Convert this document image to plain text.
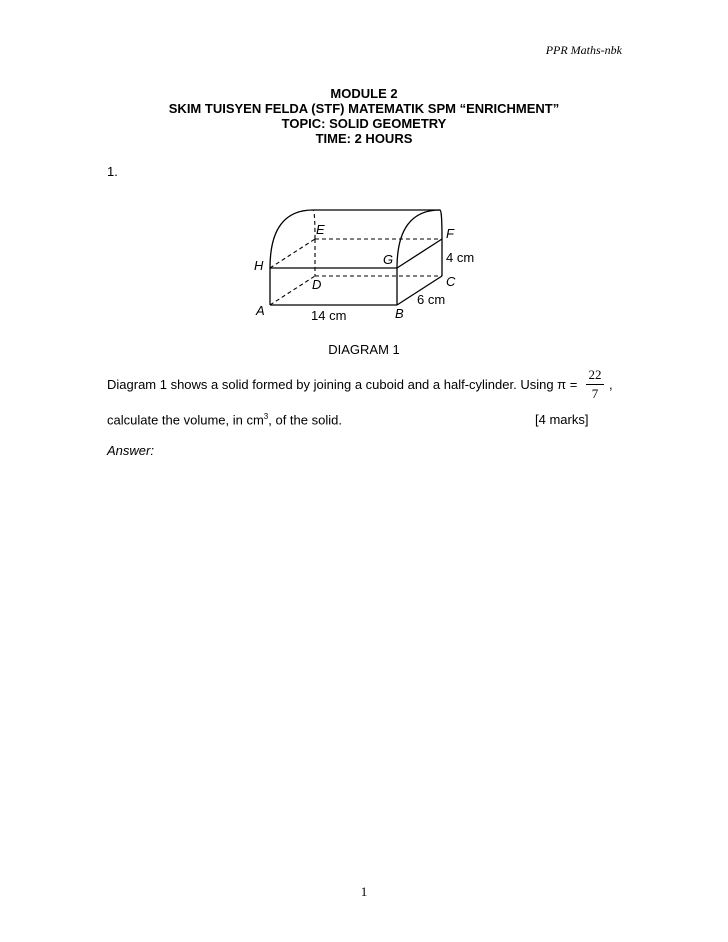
PPR Maths-nbk
MODULE 2
SKIM TUISYEN FELDA (STF) MATEMATIK SPM “ENRICHMENT”
TOPIC: SOLID GEOMETRY
TIME: 2 HOURS
1.
E	F
H	G
C
D
A	B
4 cm
6 cm
14 cm
DIAGRAM 1
Diagram 1 shows a solid formed by joining a cuboid and a half-cylinder. Using π =
22
7
,
calculate the volume, in $cm^3$, of the solid.	[4 marks]
Answer:
1
